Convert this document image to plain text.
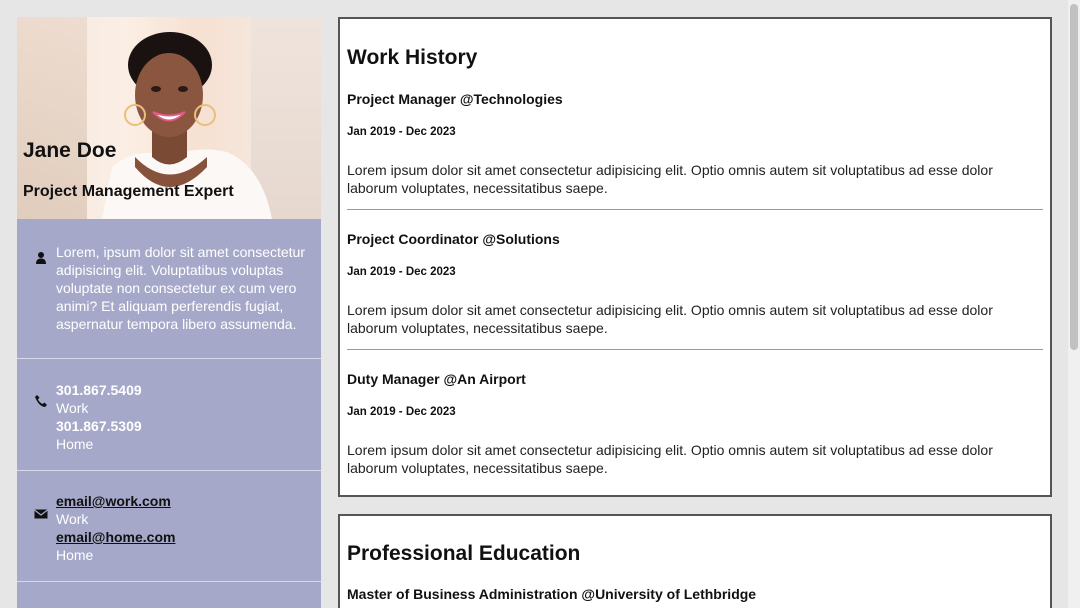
Jane Doe
Project Management Expert
Lorem, ipsum dolor sit amet consectetur adipisicing elit. Voluptatibus voluptas voluptate non consectetur ex cum vero animi? Et aliquam perferendis fugiat, aspernatur tempora libero assumenda.
301.867.5409
Work
301.867.5309
Home
email@work.com
Work
email@home.com
Home
Work History
Project Manager @Technologies
Jan 2019 - Dec 2023

Lorem ipsum dolor sit amet consectetur adipisicing elit. Optio omnis autem sit voluptatibus ad esse dolor laborum voluptates, necessitatibus saepe.

Project Coordinator @Solutions
Jan 2019 - Dec 2023

Lorem ipsum dolor sit amet consectetur adipisicing elit. Optio omnis autem sit voluptatibus ad esse dolor laborum voluptates, necessitatibus saepe.

Duty Manager @An Airport
Jan 2019 - Dec 2023

Lorem ipsum dolor sit amet consectetur adipisicing elit. Optio omnis autem sit voluptatibus ad esse dolor laborum voluptates, necessitatibus saepe.

Professional Education
Master of Business Administration @University of Lethbridge
